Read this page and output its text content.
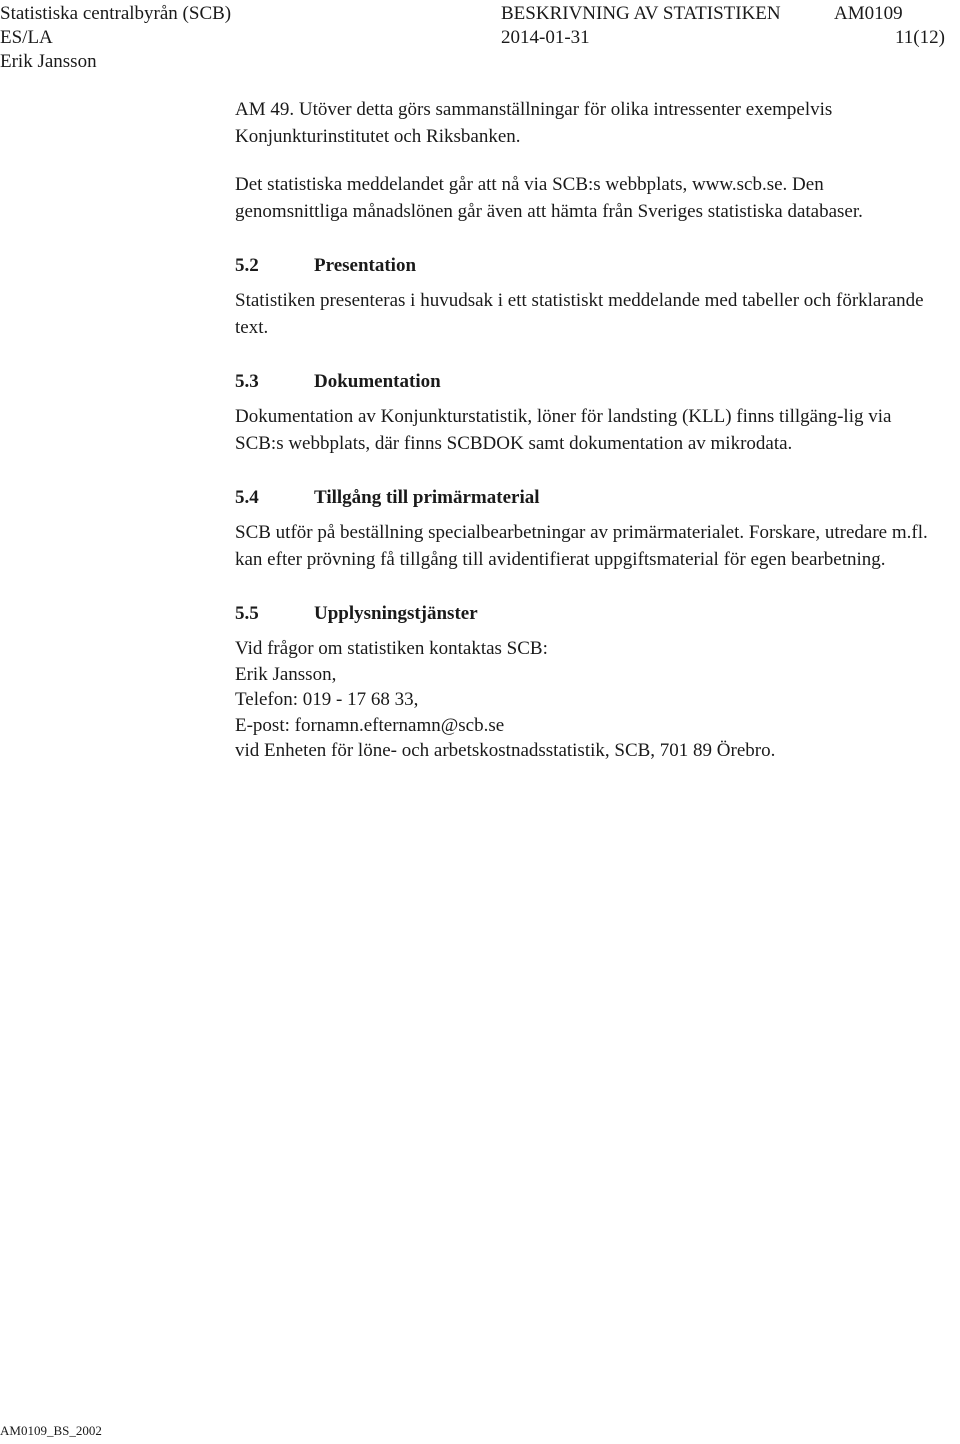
Statistiska centralbyrån (SCB)
ES/LA
Erik Jansson
BESKRIVNING AV STATISTIKEN	AM0109
2014-01-31	11(12)

AM 49. Utöver detta görs sammanställningar för olika intressenter exempelvis Konjunkturinstitutet och Riksbanken.

Det statistiska meddelandet går att nå via SCB:s webbplats, www.scb.se. Den genomsnittliga månadslönen går även att hämta från Sveriges statistiska databaser.

5.2	Presentation

Statistiken presenteras i huvudsak i ett statistiskt meddelande med tabeller och förklarande text.

5.3	Dokumentation

Dokumentation av Konjunkturstatistik, löner för landsting (KLL) finns tillgäng-lig via SCB:s webbplats, där finns SCBDOK samt dokumentation av mikrodata.

5.4	Tillgång till primärmaterial

SCB utför på beställning specialbearbetningar av primärmaterialet. Forskare, utredare m.fl. kan efter prövning få tillgång till avidentifierat uppgiftsmaterial för egen bearbetning.

5.5	Upplysningstjänster

Vid frågor om statistiken kontaktas SCB:

Erik Jansson,

Telefon: 019 - 17 68 33,

E-post: fornamn.efternamn@scb.se

vid Enheten för löne- och arbetskostnadsstatistik, SCB, 701 89 Örebro.

AM0109_BS_2002
